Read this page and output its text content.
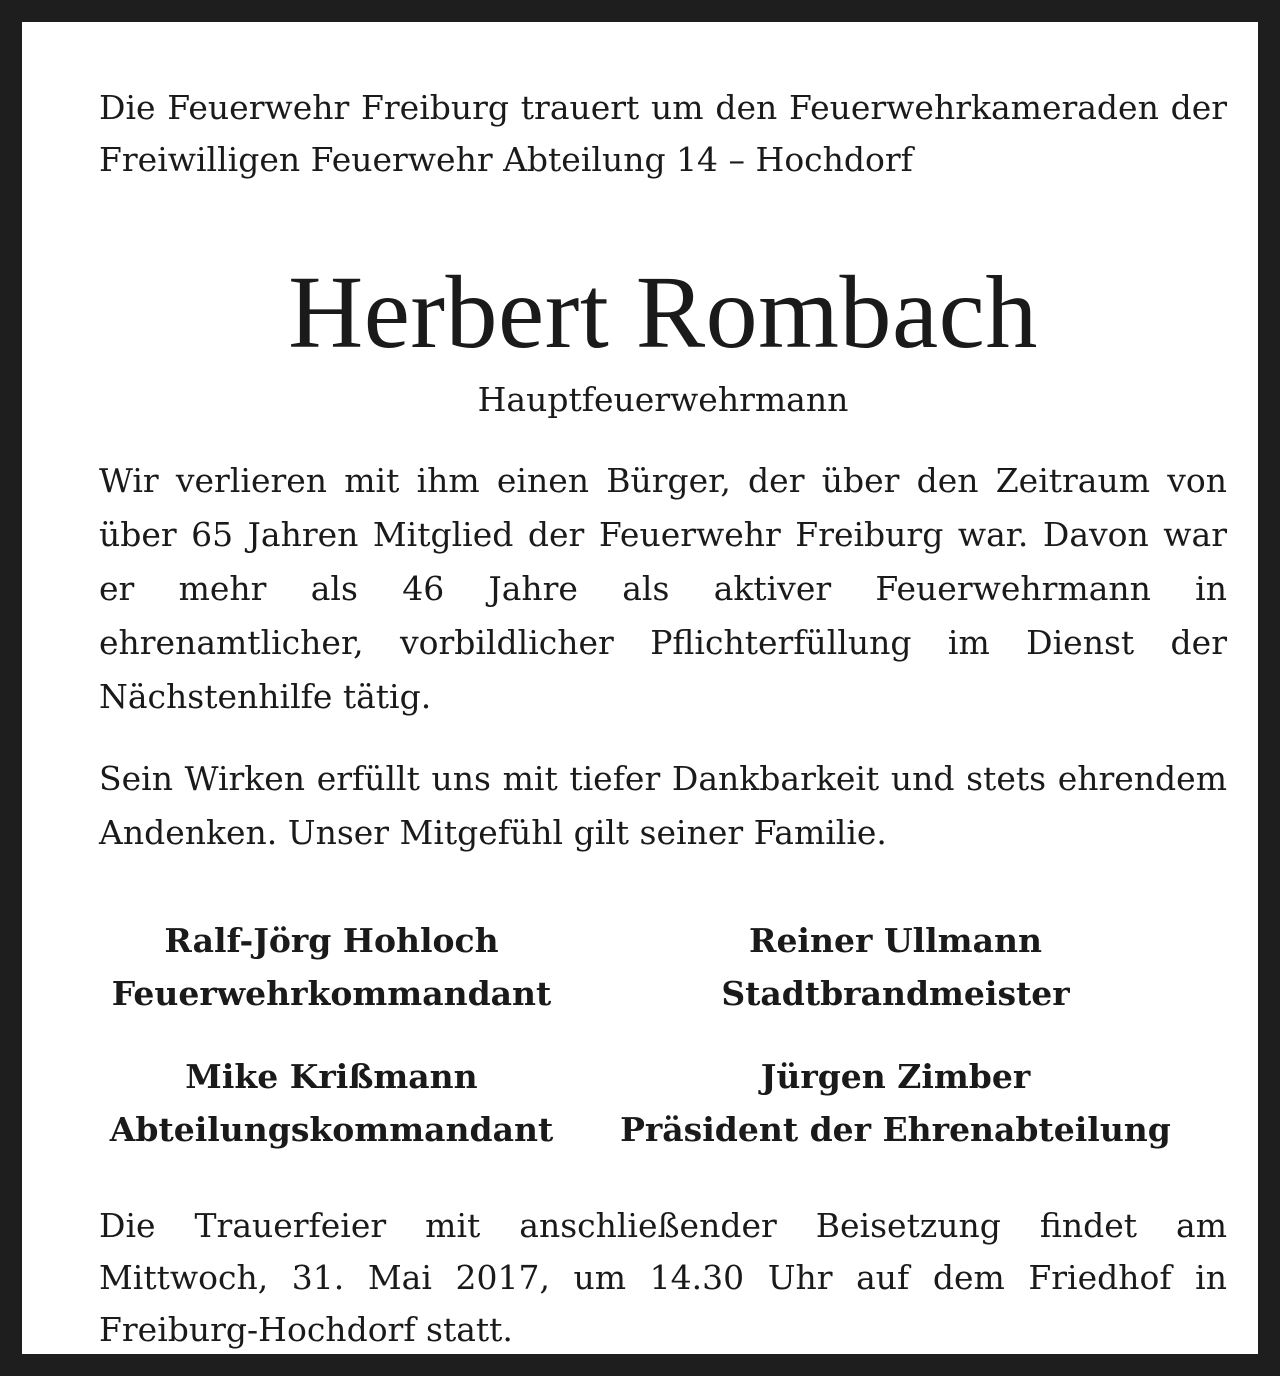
Die Feuerwehr Freiburg trauert um den Feuerwehrkameraden der Freiwilligen Feuerwehr Abteilung 14 – Hochdorf

Herbert Rombach

Hauptfeuerwehrmann

Wir verlieren mit ihm einen Bürger, der über den Zeitraum von über 65 Jahren Mitglied der Feuerwehr Freiburg war. Davon war er mehr als 46 Jahre als aktiver Feuerwehrmann in ehrenamtlicher, vorbildlicher Pflichterfüllung im Dienst der Nächstenhilfe tätig.

Sein Wirken erfüllt uns mit tiefer Dankbarkeit und stets ehrendem Andenken. Unser Mitgefühl gilt seiner Familie.

Ralf-Jörg Hohloch
Feuerwehrkommandant
Reiner Ullmann
Stadtbrandmeister
Mike Krißmann
Abteilungskommandant
Jürgen Zimber
Präsident der Ehrenabteilung

Die Trauerfeier mit anschließender Beisetzung findet am Mittwoch, 31. Mai 2017, um 14.30 Uhr auf dem Friedhof in Freiburg-Hochdorf statt.
